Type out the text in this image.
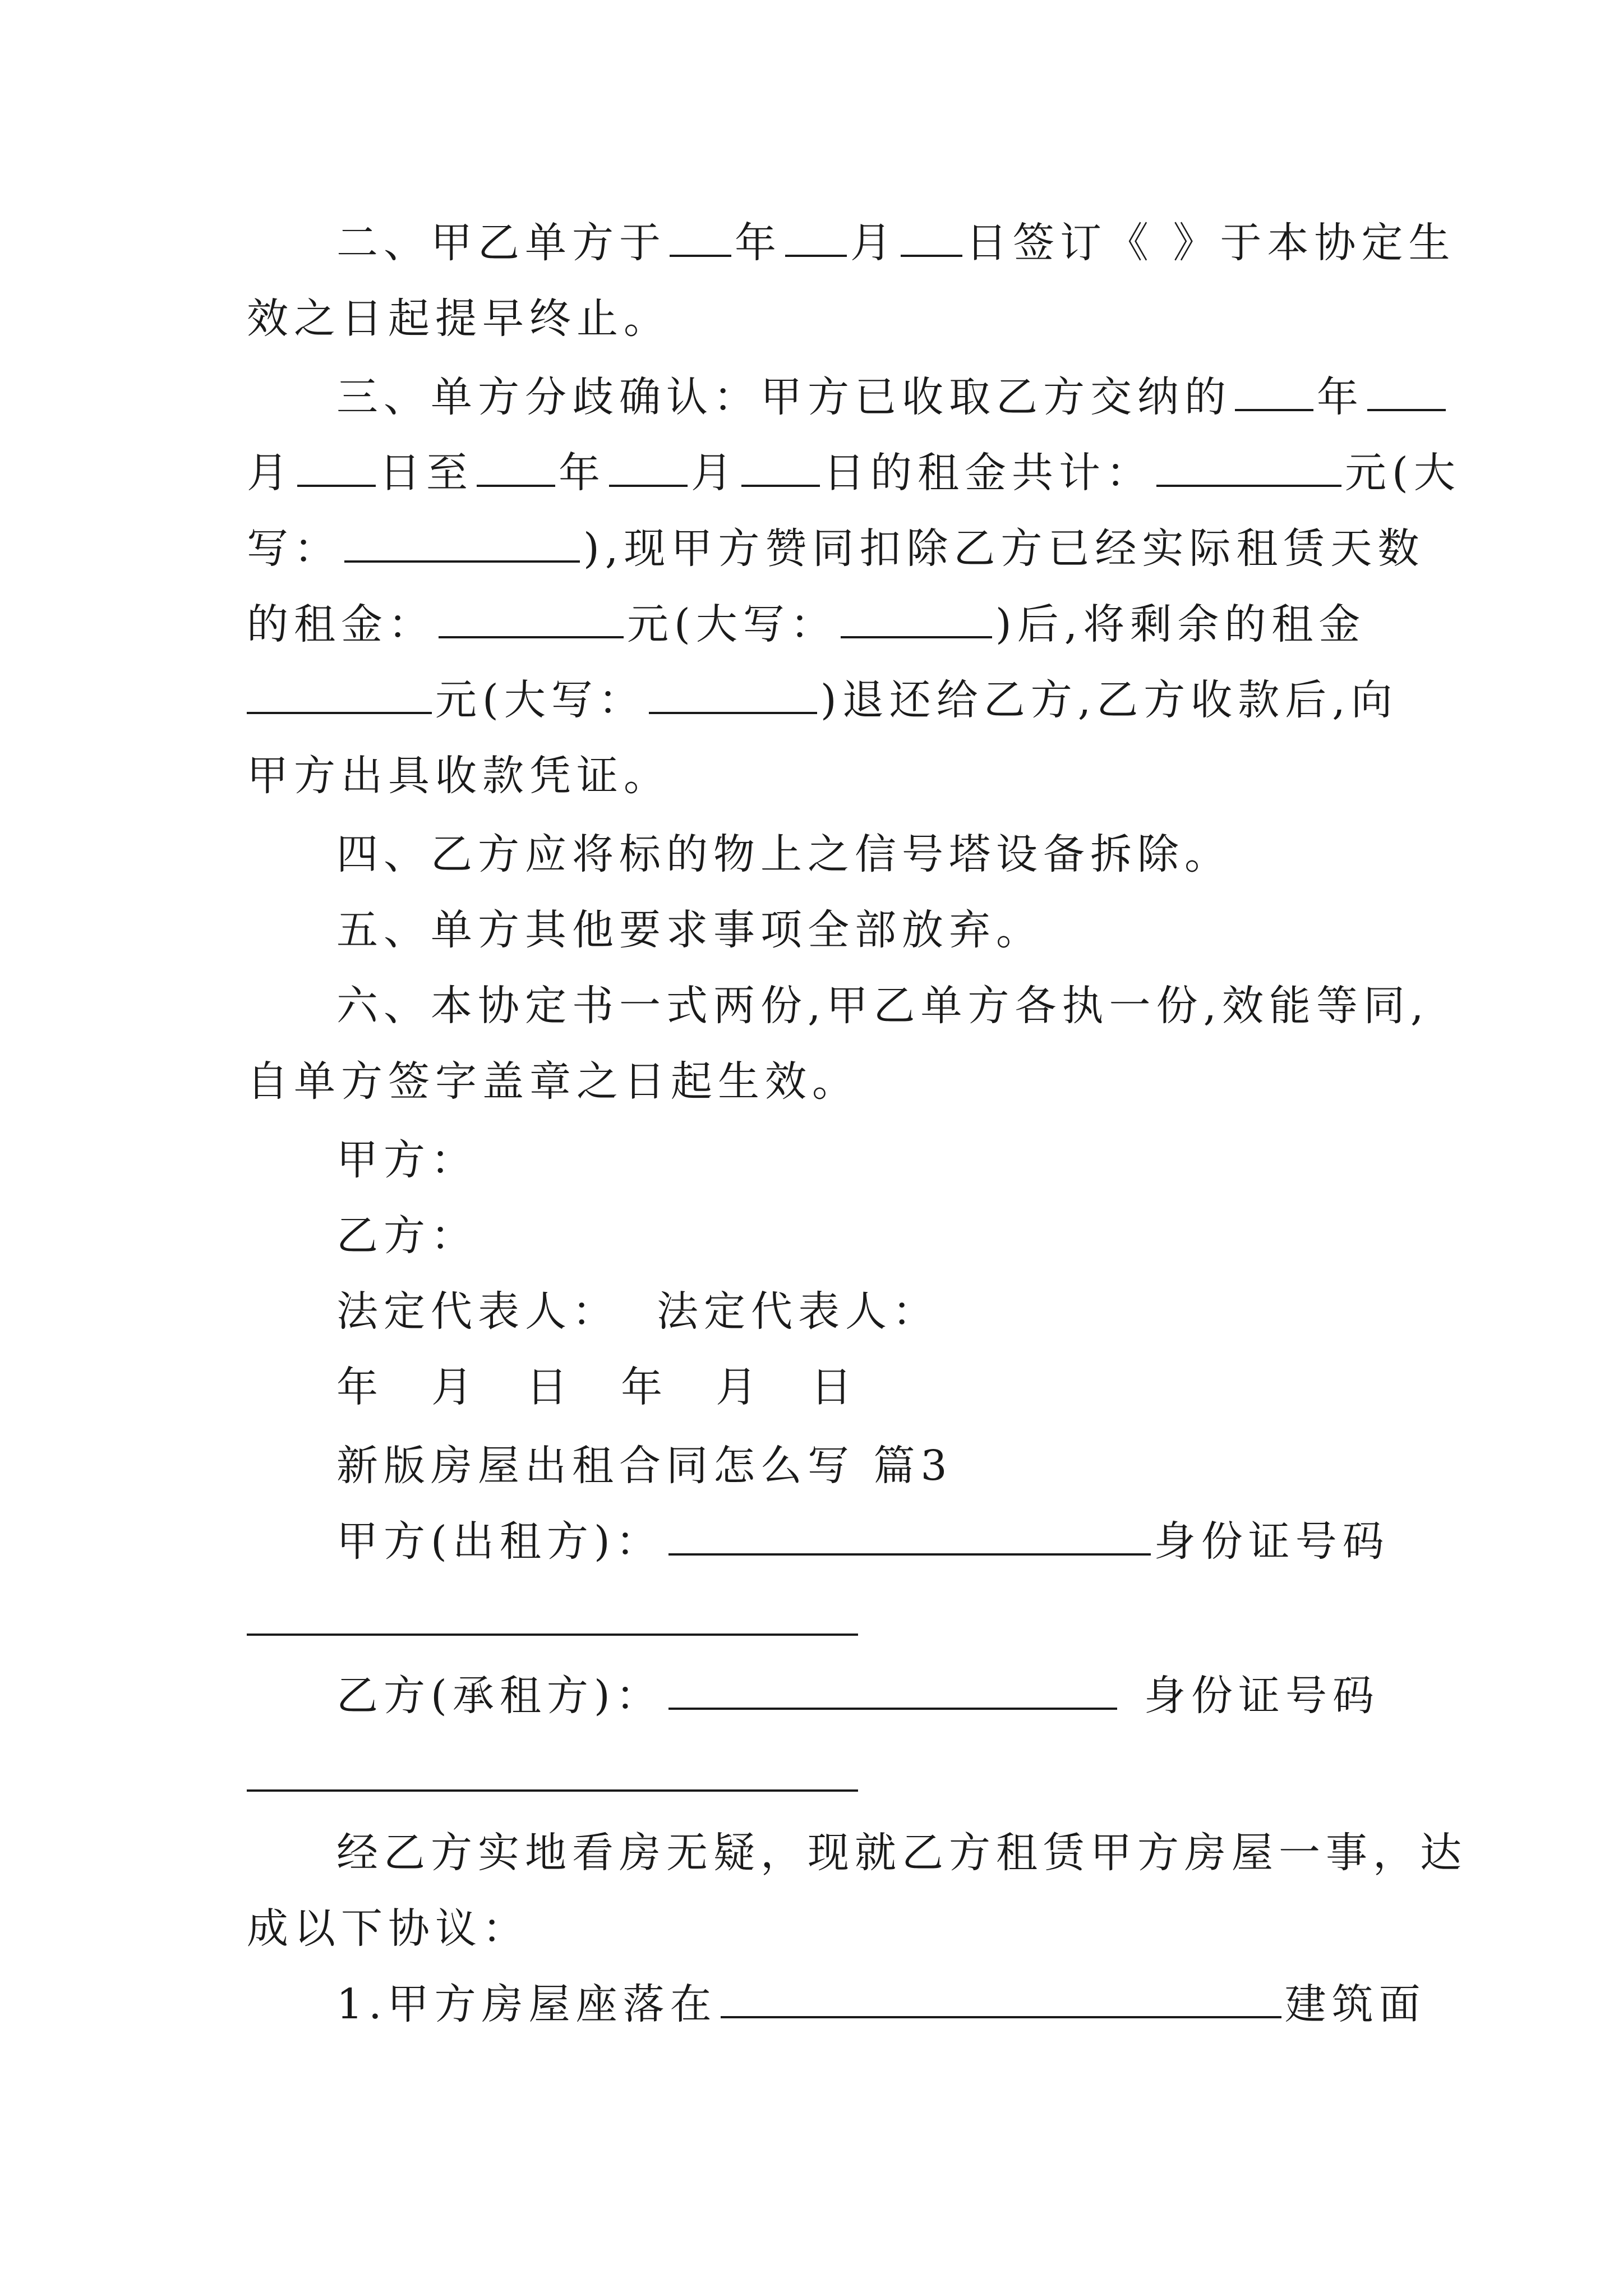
二、甲乙单方于 年 月 日签订《 》于本协定生
效之日起提早终止。
三、单方分歧确认：甲方已收取乙方交纳的 年
月 日至 年 月 日的租金共计：	元(大
写：	),现甲方赞同扣除乙方已经实际租赁天数
的租金：	元(大写：	)后,将剩余的租金
元(大写：	)退还给乙方,乙方收款后,向
甲方出具收款凭证。
四、乙方应将标的物上之信号塔设备拆除。
五、单方其他要求事项全部放弃。
六、本协定书一式两份,甲乙单方各执一份,效能等同,
自单方签字盖章之日起生效。
甲方：
乙方：
法定代表人：  法定代表人：
年  月  日  年  月  日
新版房屋出租合同怎么写 篇3
甲方(出租方)：	身份证号码
乙方(承租方)：	身份证号码
经乙方实地看房无疑，现就乙方租赁甲方房屋一事，达
成以下协议：
1.甲方房屋座落在	建筑面
